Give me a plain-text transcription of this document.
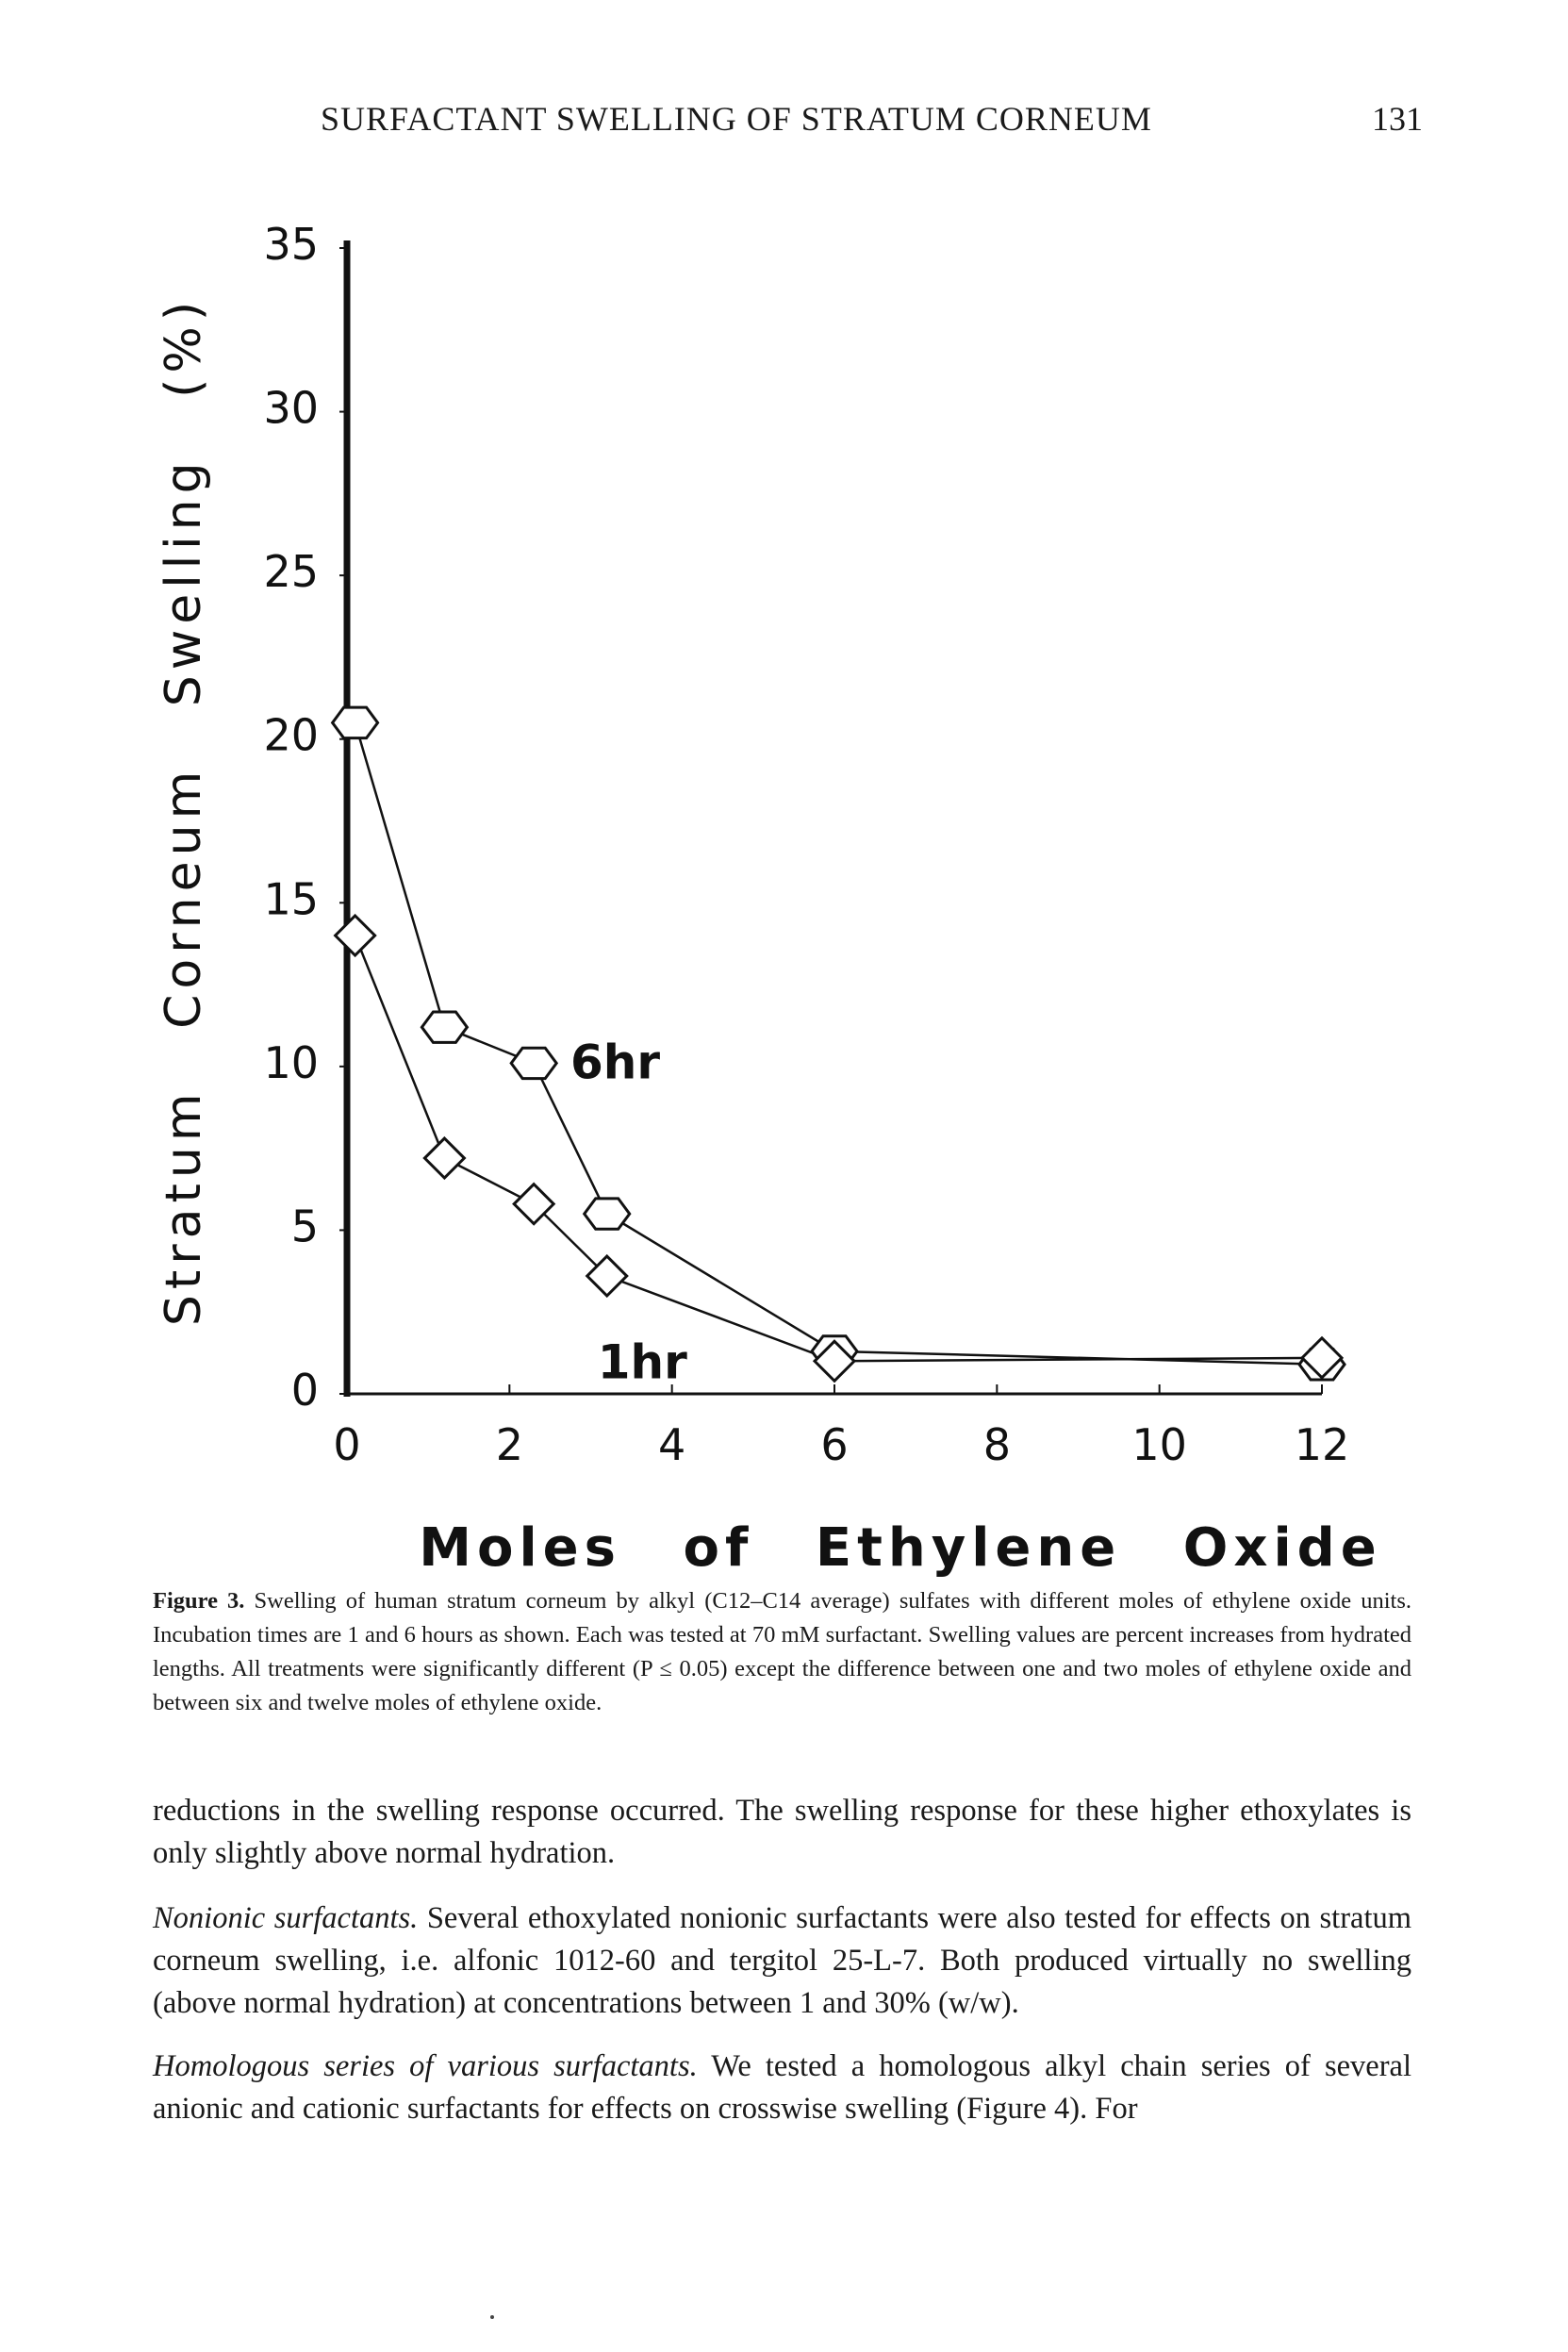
SURFACTANT SWELLING OF STRATUM CORNEUM	131
0
5
10
15
20
25
30
35
0	2	4	6	8	10 12
Moles of Ethylene Oxide
Stratum Corneum Swelling (%)	6hr
1hr
Figure 3. Swelling of human stratum corneum by alkyl (C12–C14 average) sulfates with different moles of ethylene oxide units. Incubation times are 1 and 6 hours as shown. Each was tested at 70 mM surfactant. Swelling values are percent increases from hydrated lengths. All treatments were significantly different (P ≤ 0.05) except the difference between one and two moles of ethylene oxide and between six and twelve moles of ethylene oxide.
reductions in the swelling response occurred. The swelling response for these higher ethoxylates is only slightly above normal hydration.
Nonionic surfactants. Several ethoxylated nonionic surfactants were also tested for effects on stratum corneum swelling, i.e. alfonic 1012-60 and tergitol 25-L-7. Both produced virtually no swelling (above normal hydration) at concentrations between 1 and 30% (w/w).
Homologous series of various surfactants. We tested a homologous alkyl chain series of several anionic and cationic surfactants for effects on crosswise swelling (Figure 4). For
